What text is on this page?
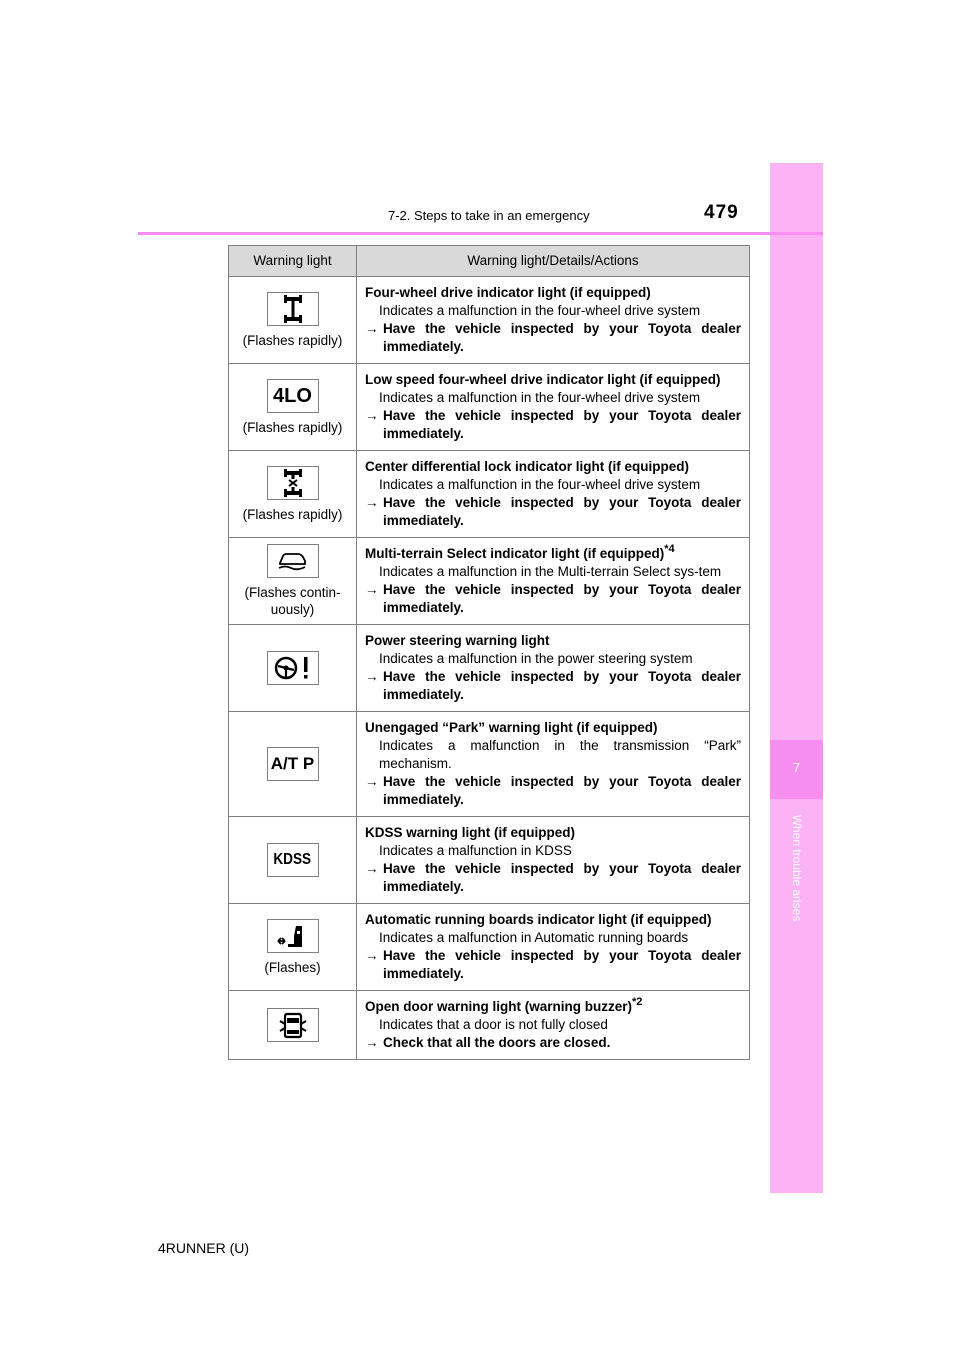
7
When trouble arises
7-2. Steps to take in an emergency	479
Warning light	Warning light/Details/Actions

(Flashes rapidly)	Four-wheel drive indicator light (if equipped)
Indicates a malfunction in the four-wheel drive system
→ Have the vehicle inspected by your Toyota dealer immediately.

4LO
(Flashes rapidly)	Low speed four-wheel drive indicator light (if equipped)
Indicates a malfunction in the four-wheel drive system
→ Have the vehicle inspected by your Toyota dealer immediately.

(Flashes rapidly)	Center differential lock indicator light (if equipped)
Indicates a malfunction in the four-wheel drive system
→ Have the vehicle inspected by your Toyota dealer immediately.

(Flashes contin-uously)	Multi-terrain Select indicator light (if equipped)$^{*4}$
Indicates a malfunction in the Multi-terrain Select sys-tem
→ Have the vehicle inspected by your Toyota dealer immediately.

Power steering warning light
Indicates a malfunction in the power steering system
→ Have the vehicle inspected by your Toyota dealer immediately.

A/T P	Unengaged “Park” warning light (if equipped)
Indicates a malfunction in the transmission “Park” mechanism.
→ Have the vehicle inspected by your Toyota dealer immediately.

KDSS	KDSS warning light (if equipped)
Indicates a malfunction in KDSS
→ Have the vehicle inspected by your Toyota dealer immediately.

(Flashes)	Automatic running boards indicator light (if equipped)
Indicates a malfunction in Automatic running boards
→ Have the vehicle inspected by your Toyota dealer immediately.

Open door warning light (warning buzzer)$^{*2}$
Indicates that a door is not fully closed
→ Check that all the doors are closed.
4RUNNER (U)
